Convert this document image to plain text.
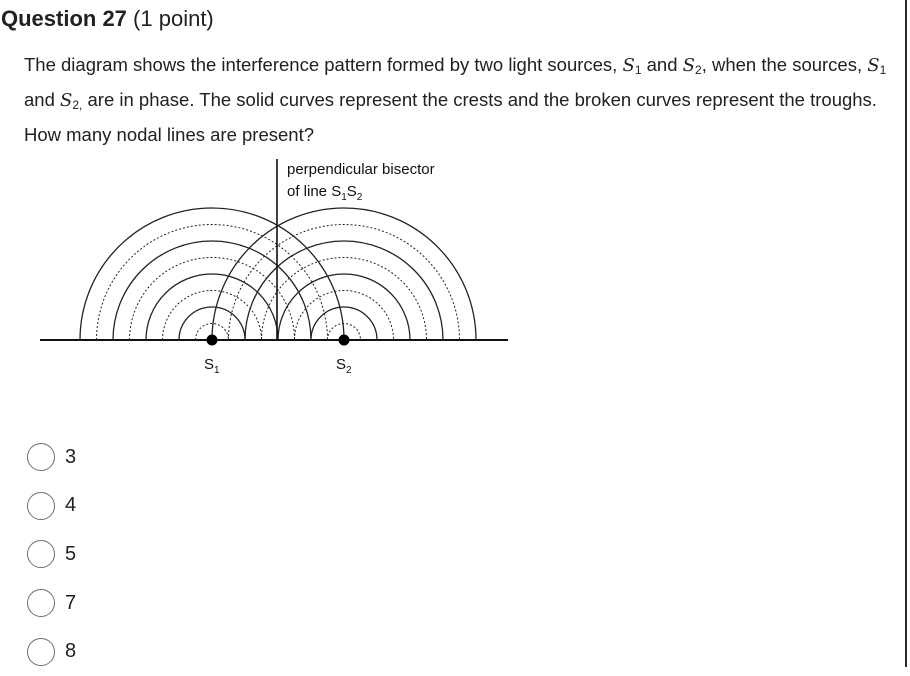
Question 27 (1 point)
The diagram shows the interference pattern formed by two light sources, $S_1$ and $S_2$, when the sources, $S_1$ and $S_{2,}$ are in phase. The solid curves represent the crests and the broken curves represent the troughs. How many nodal lines are present?
perpendicular bisector
of line $S_1S_2$
$S_1$	$S_2$
3
4
5
7
8
